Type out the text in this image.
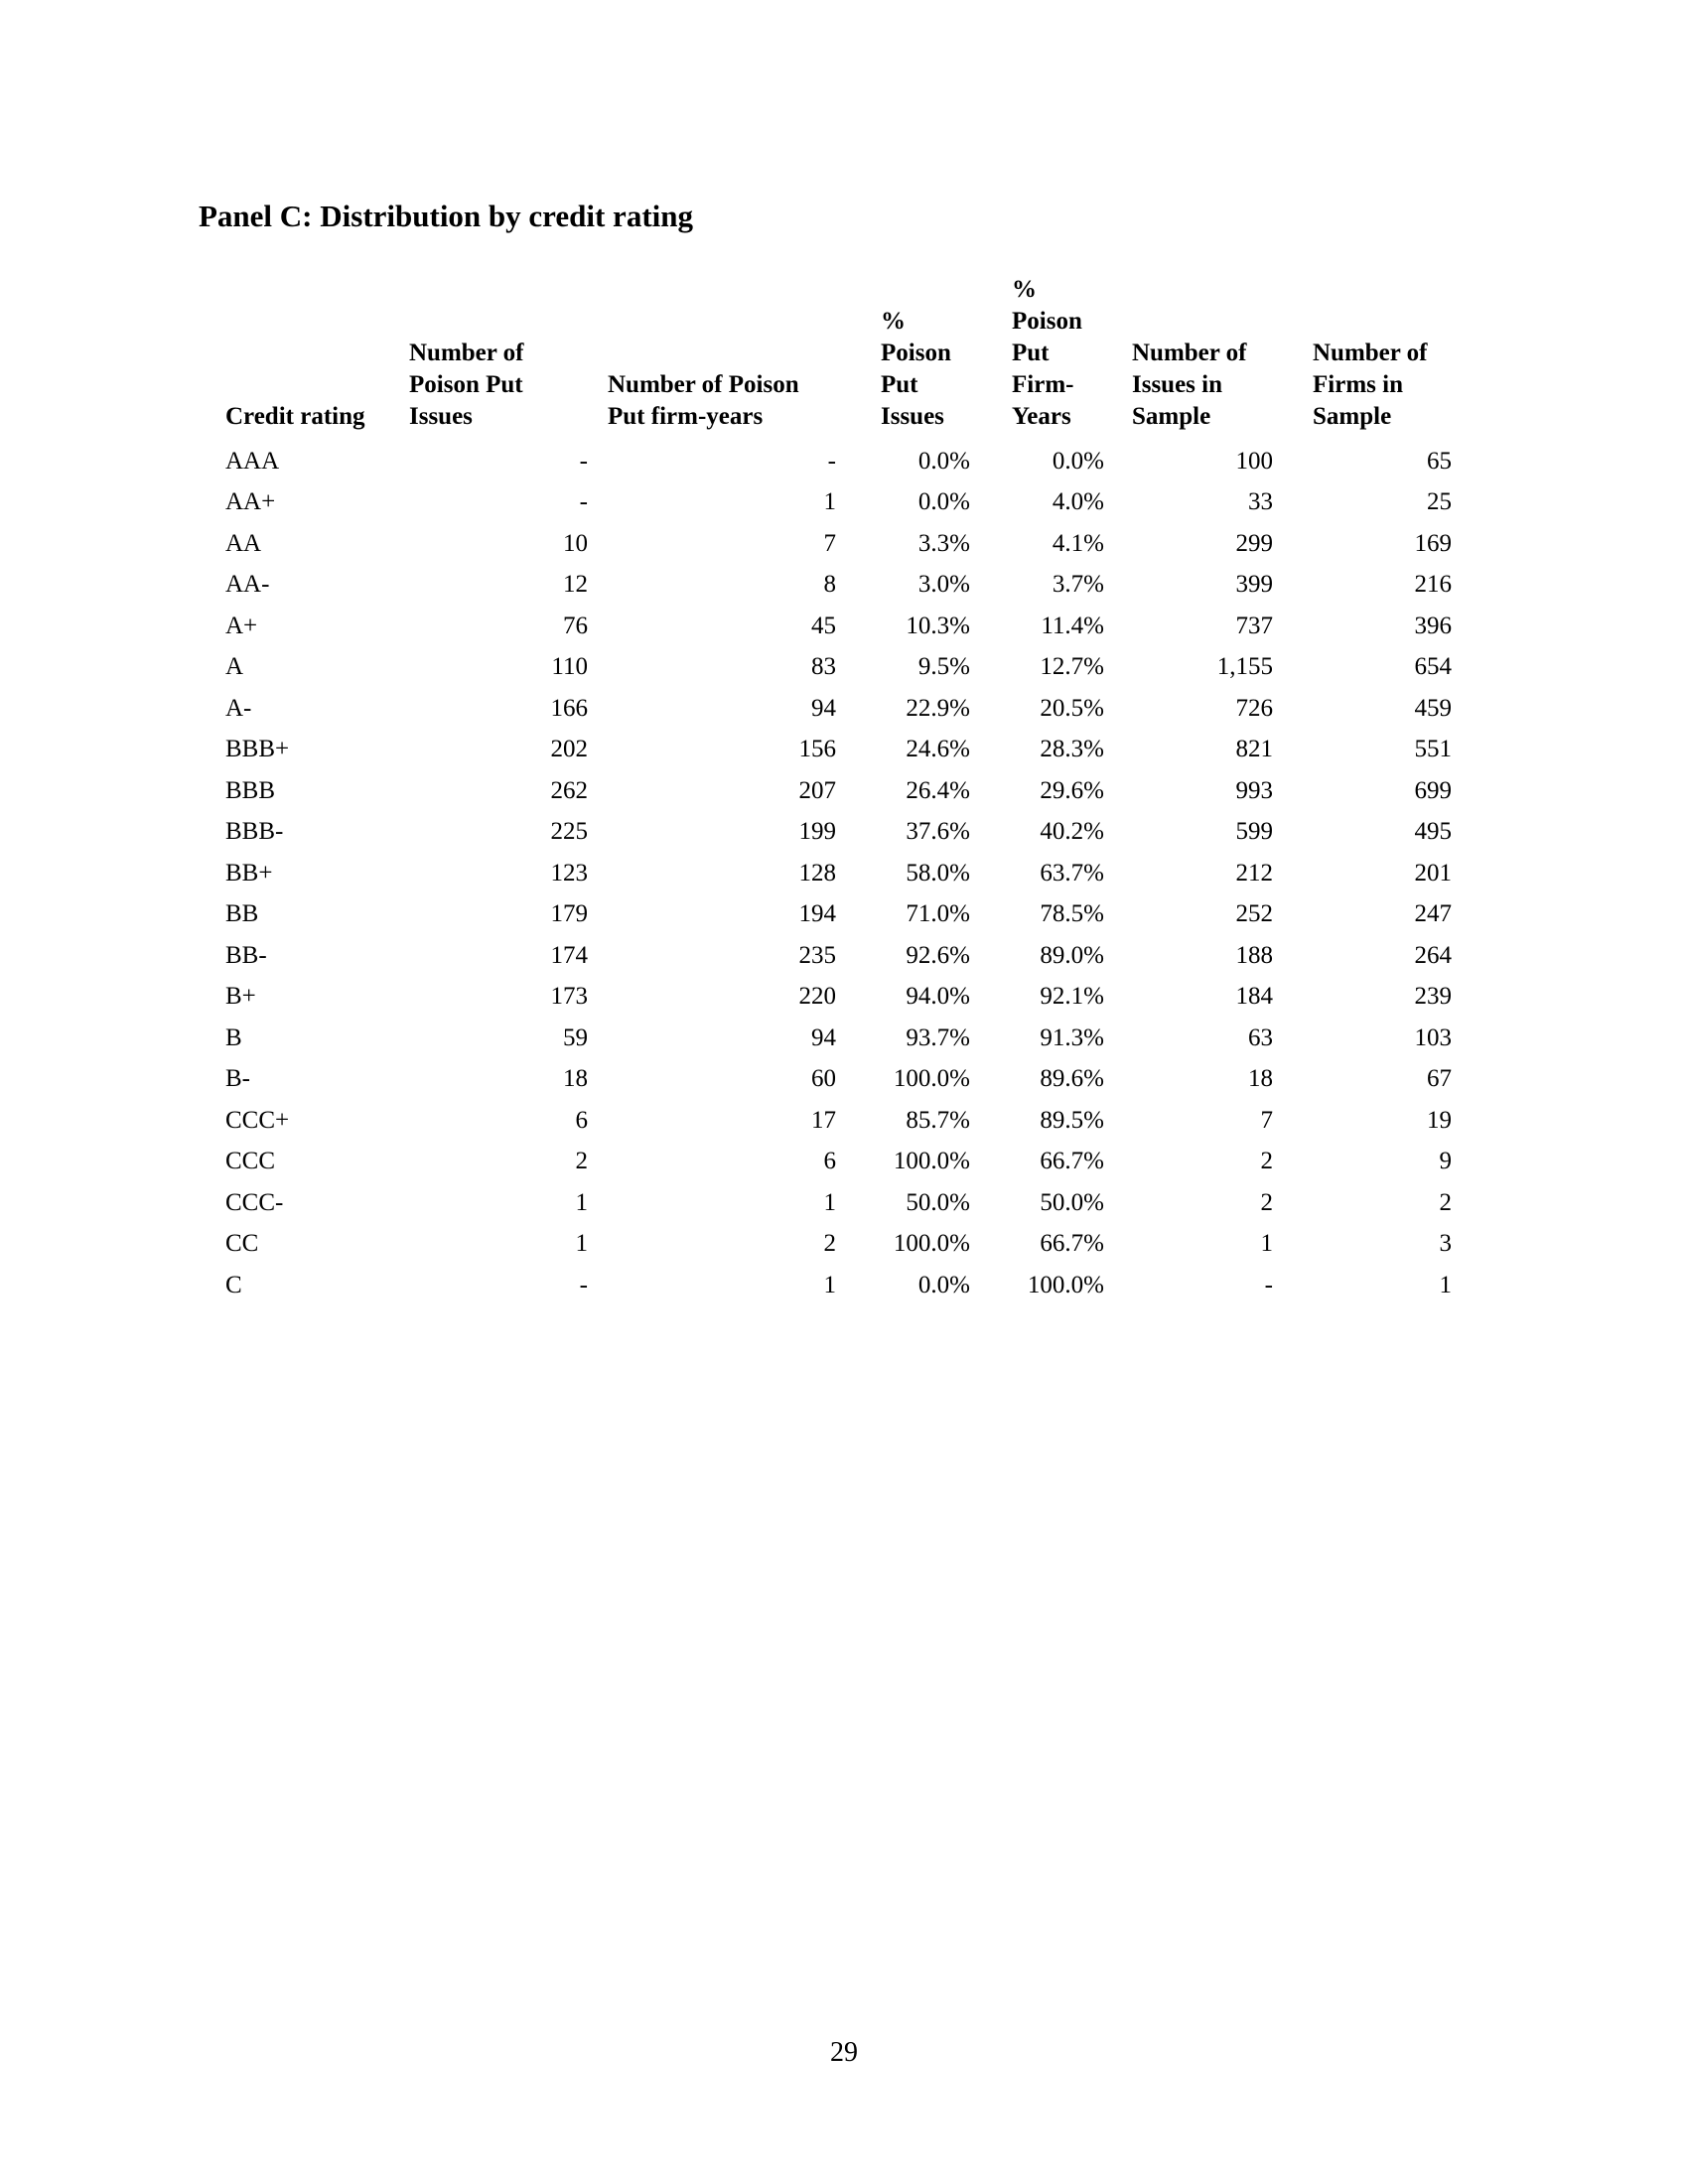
Panel C: Distribution by credit rating
Credit rating	Number of Poison Put Issues	Number of Poison Put firm-years	% Poison Put Issues	% Poison Put Firm-Years	Number of Issues in Sample	Number of Firms in Sample
AAA	-	-	0.0%	0.0%	100	65
AA+	-	1	0.0%	4.0%	33	25
AA	10	7	3.3%	4.1%	299	169
AA-	12	8	3.0%	3.7%	399	216
A+	76	45	10.3%	11.4%	737	396
A	110	83	9.5%	12.7%	1,155	654
A-	166	94	22.9%	20.5%	726	459
BBB+	202	156	24.6%	28.3%	821	551
BBB	262	207	26.4%	29.6%	993	699
BBB-	225	199	37.6%	40.2%	599	495
BB+	123	128	58.0%	63.7%	212	201
BB	179	194	71.0%	78.5%	252	247
BB-	174	235	92.6%	89.0%	188	264
B+	173	220	94.0%	92.1%	184	239
B	59	94	93.7%	91.3%	63	103
B-	18	60	100.0%	89.6%	18	67
CCC+	6	17	85.7%	89.5%	7	19
CCC	2	6	100.0%	66.7%	2	9
CCC-	1	1	50.0%	50.0%	2	2
CC	1	2	100.0%	66.7%	1	3
C	-	1	0.0%	100.0%	-	1
29
